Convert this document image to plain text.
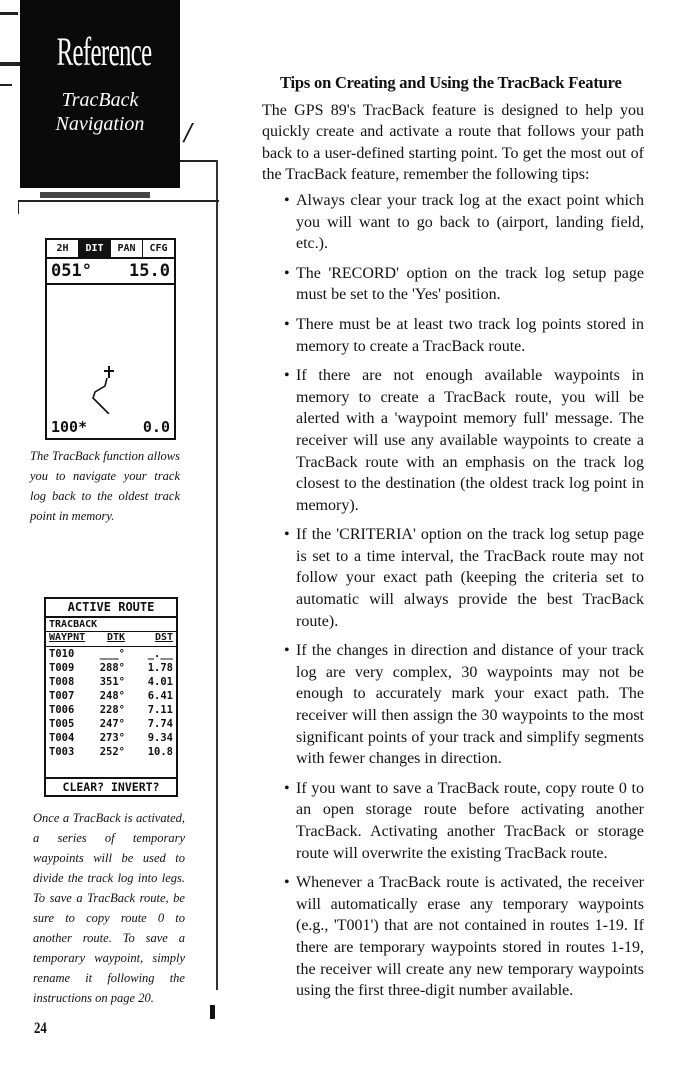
Reference
TracBack
Navigation	/
2H	DIT	PAN	CFG
051° 15.0
100*	0.0
The TracBack function allows you to navigate your track log back to the oldest track point in memory.
ACTIVE ROUTE
TRACBACK
WAYPNT	DTK	DST
T010	___°	_.__
T009	288°	1.78
T008	351°	4.01
T007	248°	6.41
T006	228°	7.11
T005	247°	7.74
T004	273°	9.34
T003	252°	10.8
CLEAR? INVERT?
Once a TracBack is activated, a series of temporary waypoints will be used to divide the track log into legs. To save a TracBack route, be sure to copy route 0 to another route. To save a temporary waypoint, simply rename it following the instructions on page 20.
24
Tips on Creating and Using the TracBack Feature

The GPS 89's TracBack feature is designed to help you quickly create and activate a route that follows your path back to a user-defined starting point. To get the most out of the TracBack feature, remember the following tips:

• Always clear your track log at the exact point which you will want to go back to (airport, landing field, etc.).
• The 'RECORD' option on the track log setup page must be set to the 'Yes' position.
• There must be at least two track log points stored in memory to create a TracBack route.
• If there are not enough available waypoints in memory to create a TracBack route, you will be alerted with a 'waypoint memory full' message. The receiver will use any available waypoints to create a TracBack route with an emphasis on the track log closest to the destination (the oldest track log point in memory).
• If the 'CRITERIA' option on the track log setup page is set to a time interval, the TracBack route may not follow your exact path (keeping the criteria set to automatic will always provide the best TracBack route).
• If the changes in direction and distance of your track log are very complex, 30 waypoints may not be enough to accurately mark your exact path. The receiver will then assign the 30 waypoints to the most significant points of your track and simplify segments with fewer changes in direction.
• If you want to save a TracBack route, copy route 0 to an open storage route before activating another TracBack. Activating another TracBack or storage route will overwrite the existing TracBack route.
• Whenever a TracBack route is activated, the receiver will automatically erase any temporary waypoints (e.g., 'T001') that are not contained in routes 1-19. If there are temporary waypoints stored in routes 1-19, the receiver will create any new temporary waypoints using the first three-digit number available.
